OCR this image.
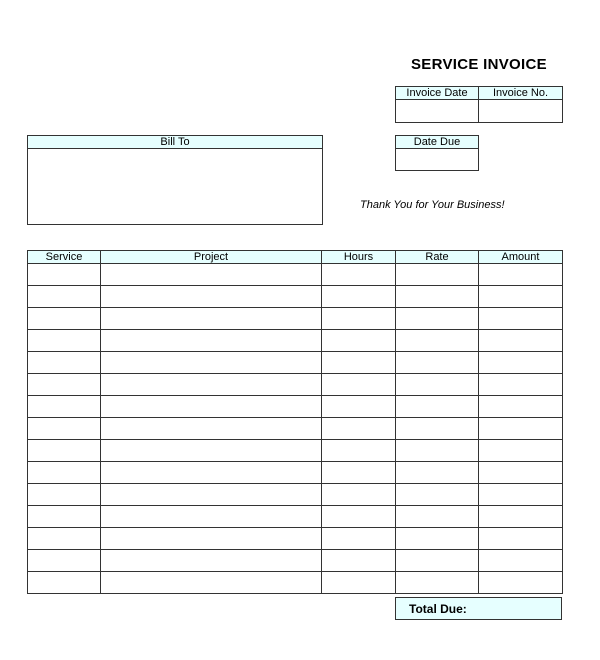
SERVICE INVOICE
Invoice Date	Invoice No.

Bill To	Date Due

Thank You for Your Business!
Service	Project	Hours	Rate	Amount

Total Due:
